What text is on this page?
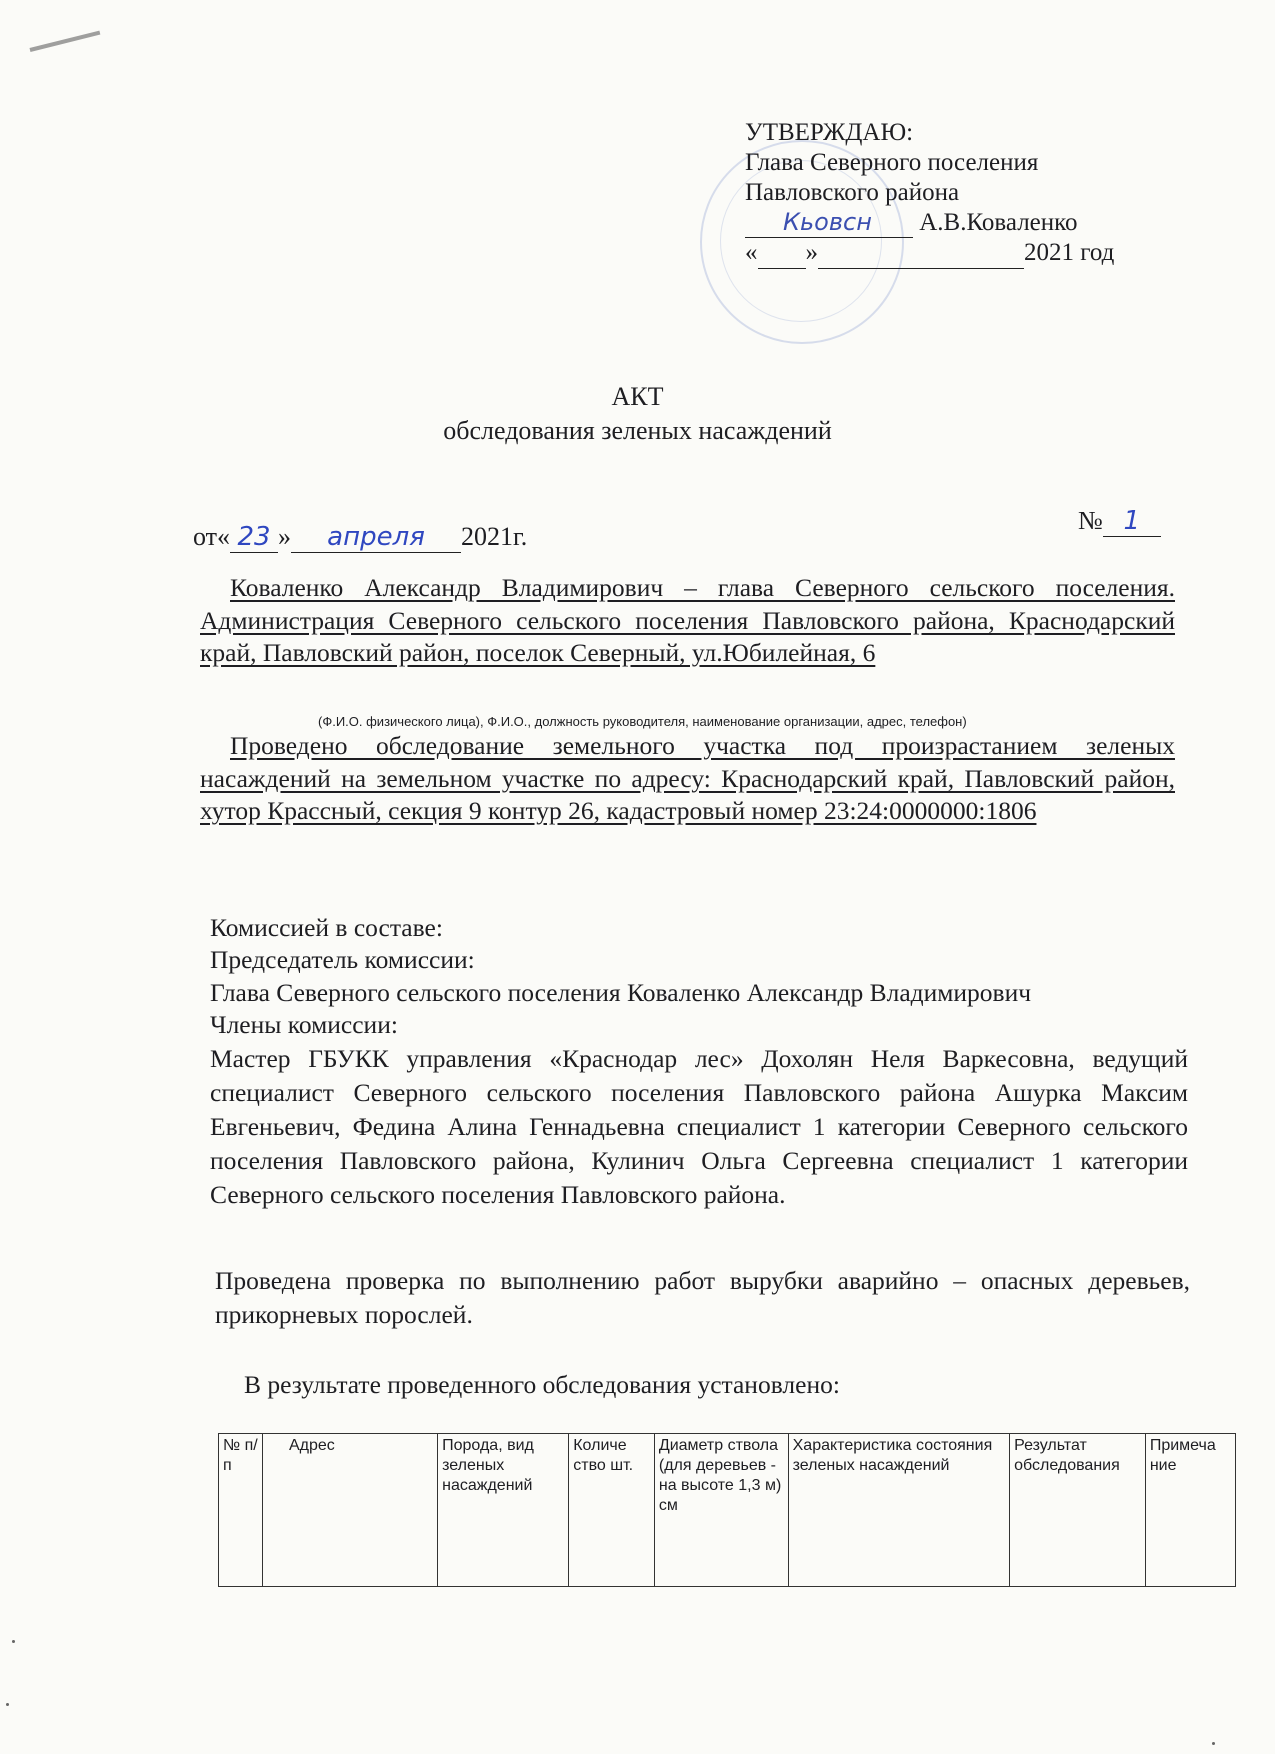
УТВЕРЖДАЮ:
Глава Северного поселения
Павловского района
Кьовсн А.В.Коваленко
« »	2021 год
АКТ
обследования зеленых насаждений
от« 23 » апреля 2021г.
№ 1
Коваленко Александр Владимирович – глава Северного сельского поселения. Администрация Северного сельского поселения Павловского района, Краснодарский край, Павловский район, поселок Северный, ул.Юбилейная, 6
(Ф.И.О. физического лица), Ф.И.О., должность руководителя, наименование организации, адрес, телефон)
Проведено обследование земельного участка под произрастанием зеленых насаждений на земельном участке по адресу: Краснодарский край, Павловский район, хутор Крассный, секция 9 контур 26, кадастровый номер 23:24:0000000:1806
Комиссией в составе:
Председатель комиссии:
Глава Северного сельского поселения Коваленко Александр Владимирович
Члены комиссии:
Мастер ГБУКК управления «Краснодар лес» Дохолян Неля Варкесовна, ведущий специалист Северного сельского поселения Павловского района Ашурка Максим Евгеньевич, Федина Алина Геннадьевна специалист 1 категории Северного сельского поселения Павловского района, Кулинич Ольга Сергеевна специалист 1 категории Северного сельского поселения Павловского района.
Проведена проверка по выполнению работ вырубки аварийно – опасных деревьев, прикорневых порослей.
В результате проведенного обследования установлено:
№ п/п	Адрес	Порода, вид зеленых насаждений	Количе ство шт.	Диаметр ствола (для деревьев - на высоте 1,3 м) см	Характеристика состояния зеленых насаждений	Результат обследования	Примеча ние
